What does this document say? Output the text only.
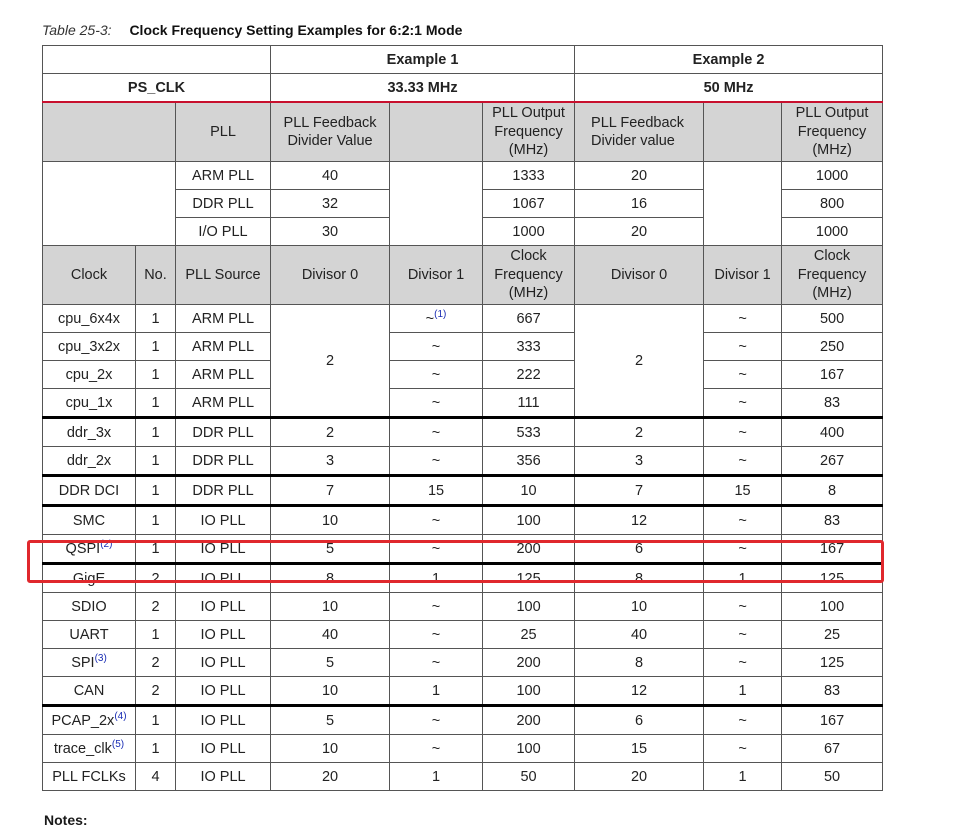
Table 25-3: Clock Frequency Setting Examples for 6:2:1 Mode
			Example 1			Example 2		
PS_CLK			33.33 MHz			50 MHz		
		PLL	PLL Feedback Divider Value		PLL Output Frequency (MHz)	PLL Feedback Divider value		PLL Output Frequency (MHz)
		ARM PLL	40		1333	20		1000
		DDR PLL	32		1067	16		800
		I/O PLL	30		1000	20		1000
Clock	No.	PLL Source	Divisor 0	Divisor 1	Clock Frequency (MHz)	Divisor 0	Divisor 1	Clock Frequency (MHz)
cpu_6x4x	1	ARM PLL	2	~$^{(1)}$	667	2	~	500
cpu_3x2x	1	ARM PLL		~	333		~	250
cpu_2x	1	ARM PLL		~	222		~	167
cpu_1x	1	ARM PLL		~	111		~	83
ddr_3x	1	DDR PLL	2	~	533	2	~	400
ddr_2x	1	DDR PLL	3	~	356	3	~	267
DDR DCI	1	DDR PLL	7	15	10	7	15	8
SMC	1	IO PLL	10	~	100	12	~	83
QSPI$^{(2)}$	1	IO PLL	5	~	200	6	~	167
GigE	2	IO PLL	8	1	125	8	1	125
SDIO	2	IO PLL	10	~	100	10	~	100
UART	1	IO PLL	40	~	25	40	~	25
SPI$^{(3)}$	2	IO PLL	5	~	200	8	~	125
CAN	2	IO PLL	10	1	100	12	1	83
$PCAP\_2x^{(4)}$	1	IO PLL	5	~	200	6	~	167
trace_clk$^{(5)}$	1	IO PLL	10	~	100	15	~	67
PLL FCLKs	4	IO PLL	20	1	50	20	1	50
Notes:
